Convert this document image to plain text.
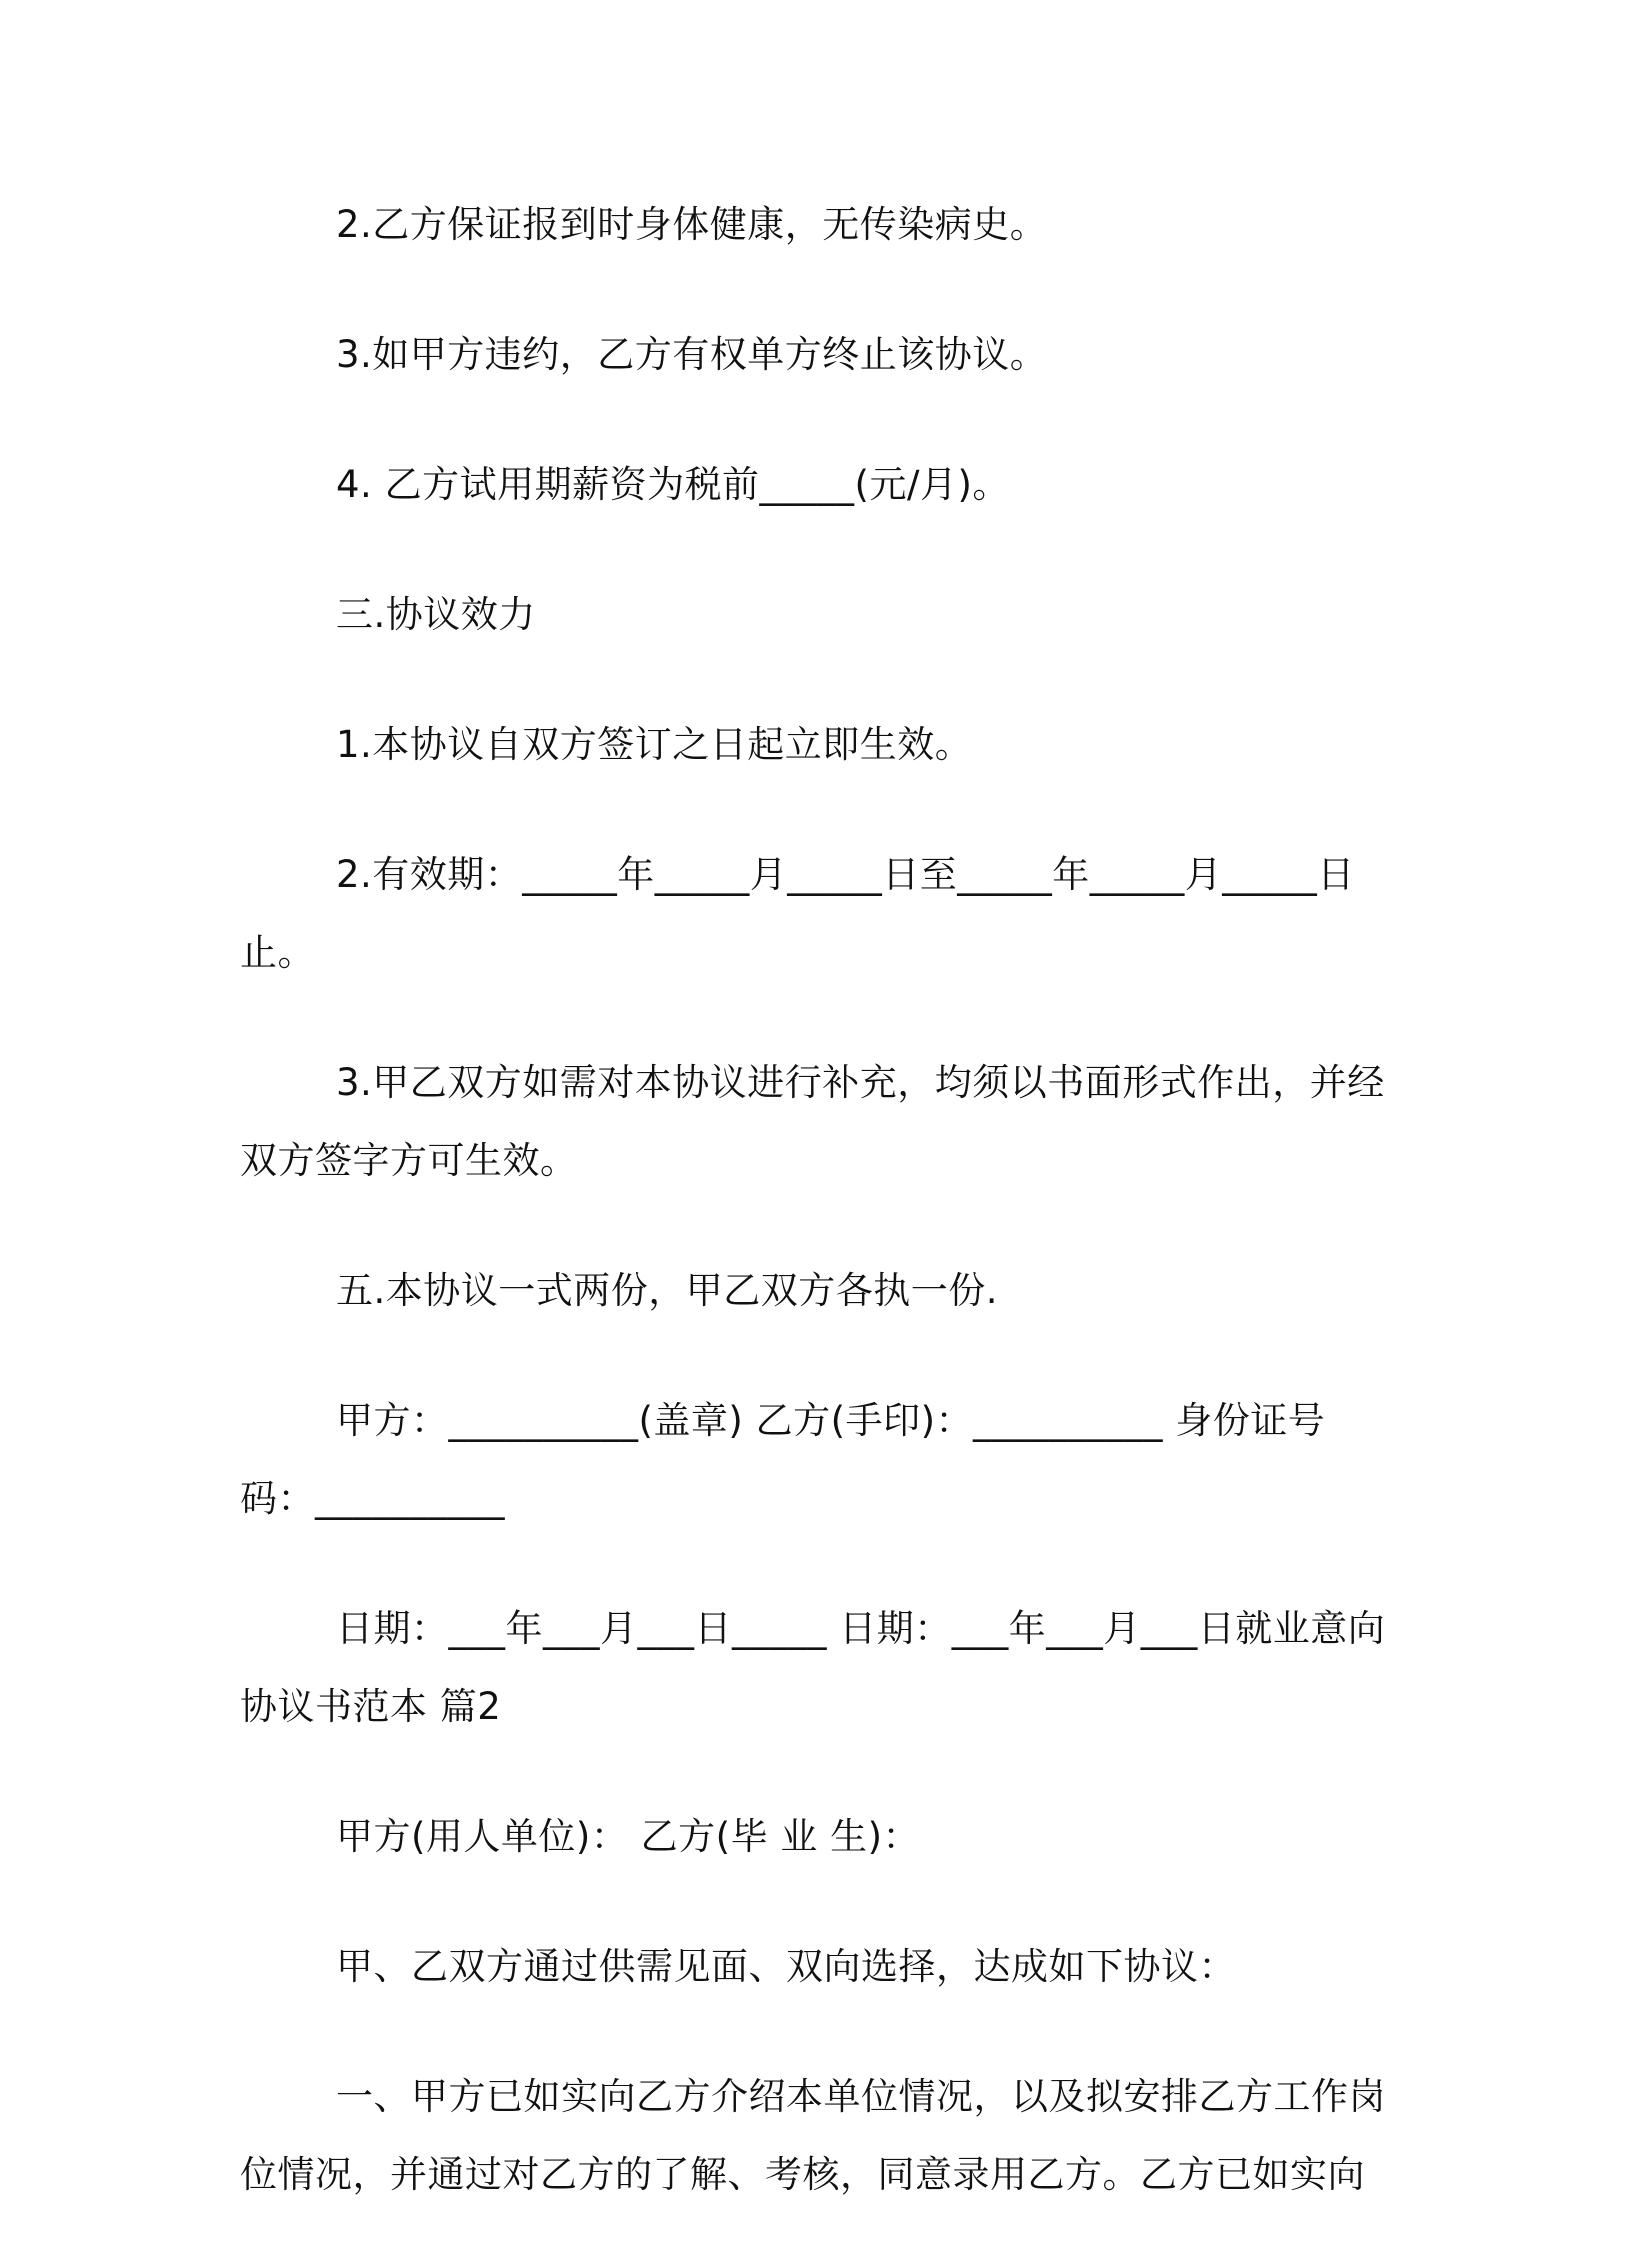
2.乙方保证报到时身体健康，无传染病史。

3.如甲方违约，乙方有权单方终止该协议。

4. 乙方试用期薪资为税前_____(元/月)。

三.协议效力

1.本协议自双方签订之日起立即生效。

2.有效期：_____年_____月_____日至_____年_____月_____日止。

3.甲乙双方如需对本协议进行补充，均须以书面形式作出，并经双方签字方可生效。

五.本协议一式两份，甲乙双方各执一份.

甲方：__________(盖章) 乙方(手印)：__________ 身份证号码：__________

日期：___年___月___日_____ 日期：___年___月___日就业意向协议书范本 篇2

甲方(用人单位)： 乙方(毕 业 生)：

甲、乙双方通过供需见面、双向选择，达成如下协议：

一、甲方已如实向乙方介绍本单位情况，以及拟安排乙方工作岗位情况，并通过对乙方的了解、考核，同意录用乙方。乙方已如实向
